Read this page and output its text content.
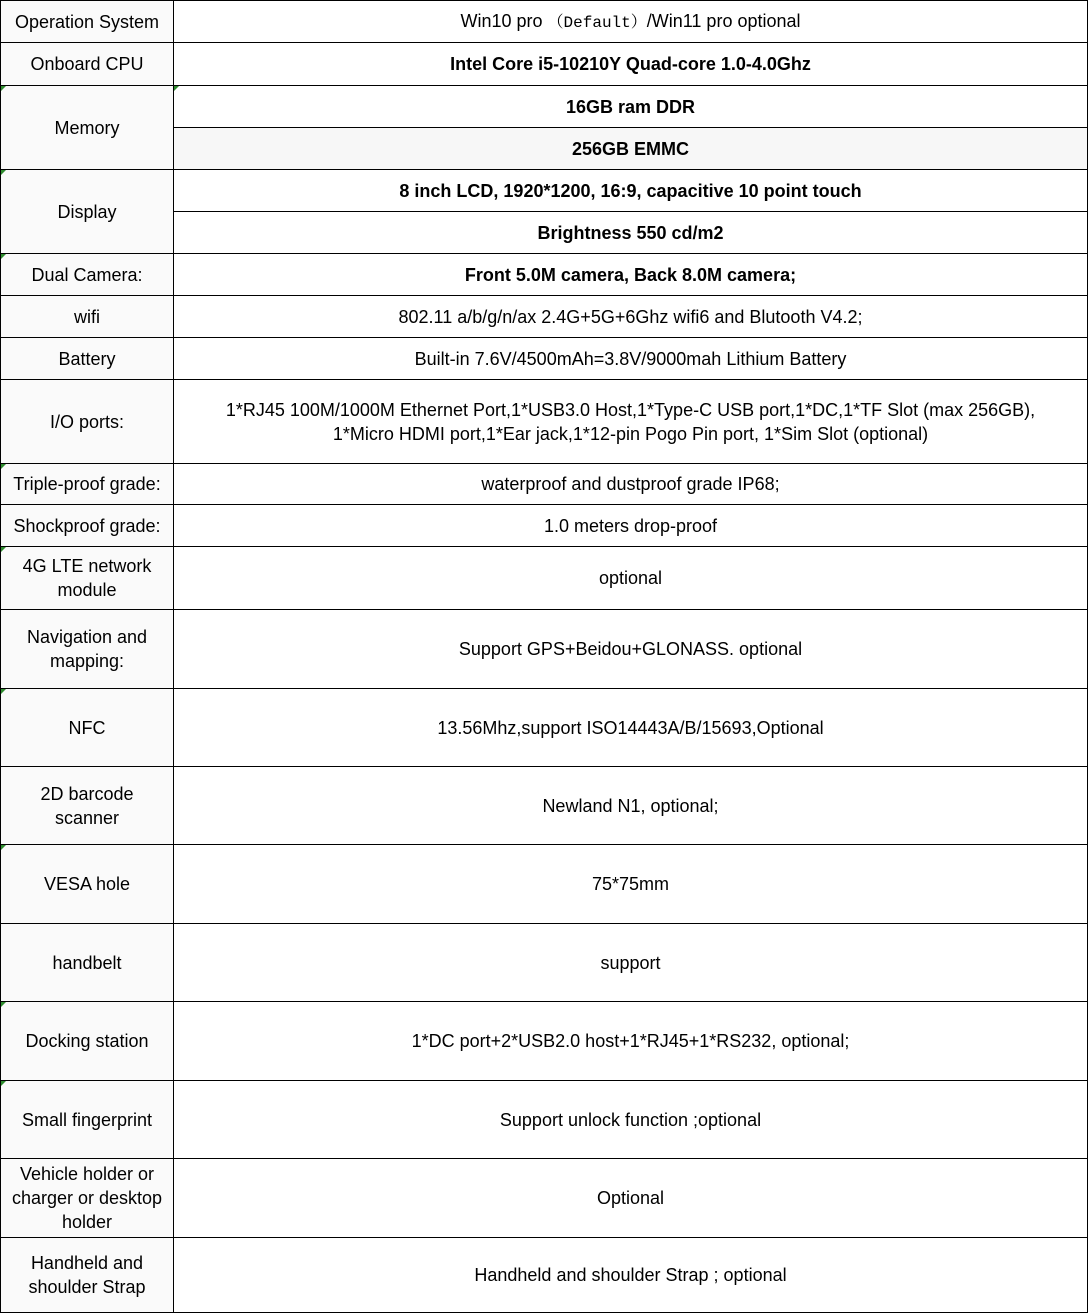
Operation System	Win10 pro （Default）/Win11 pro optional
Onboard CPU	Intel Core i5-10210Y Quad-core 1.0-4.0Ghz
Memory	16GB ram DDR
	256GB EMMC
Display	8 inch LCD, 1920*1200, 16:9, capacitive 10 point touch
	Brightness 550 cd/m2
Dual Camera:	Front 5.0M camera, Back 8.0M camera;
wifi	802.11 a/b/g/n/ax 2.4G+5G+6Ghz wifi6 and Blutooth V4.2;
Battery	Built-in 7.6V/4500mAh=3.8V/9000mah Lithium Battery
I/O ports:	1*RJ45 100M/1000M Ethernet Port,1*USB3.0 Host,1*Type-C USB port,1*DC,1*TF Slot (max 256GB),
1*Micro HDMI port,1*Ear jack,1*12-pin Pogo Pin port, 1*Sim Slot (optional)

Triple-proof grade:	waterproof and dustproof grade IP68;
Shockproof grade:	1.0 meters drop-proof

4G LTE network
module	optional

Navigation and
mapping:	Support GPS+Beidou+GLONASS. optional
NFC	13.56Mhz,support ISO14443A/B/15693,Optional

2D barcode
scanner	Newland N1, optional;
VESA hole	75*75mm
handbelt	support
Docking station	1*DC port+2*USB2.0 host+1*RJ45+1*RS232, optional;
Small fingerprint	Support unlock function ;optional

Vehicle holder or
charger or desktop
holder	Optional

Handheld and
shoulder Strap	Handheld and shoulder Strap ; optional
